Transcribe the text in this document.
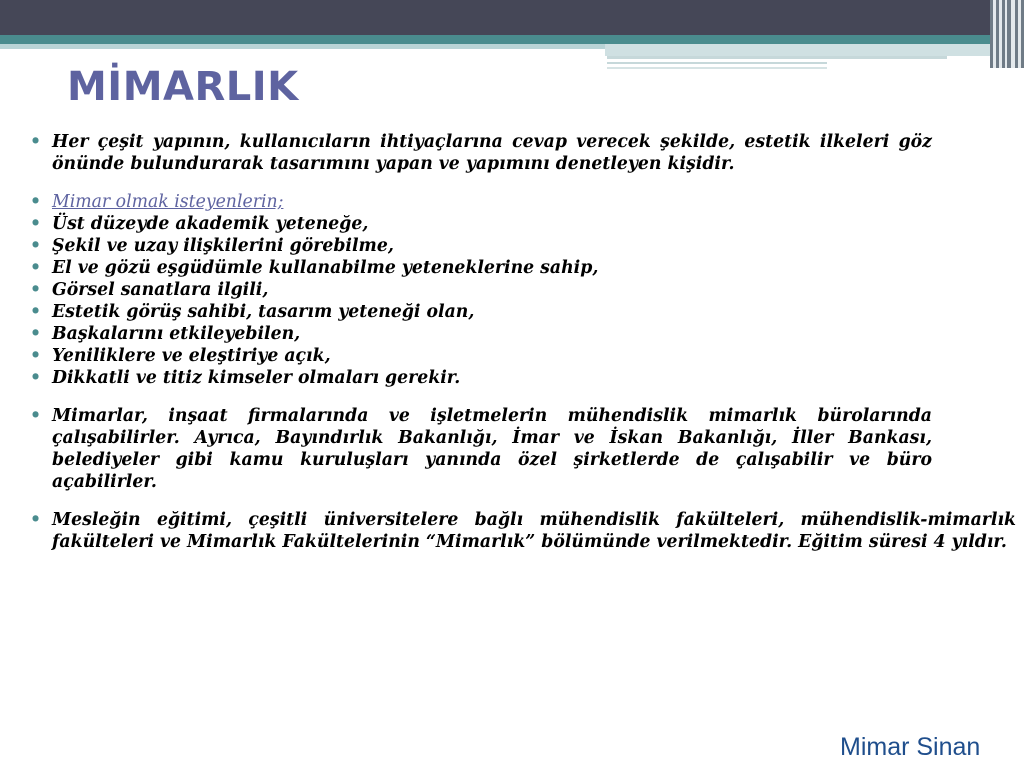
MİMARLIK
• Her çeşit yapının, kullanıcıların ihtiyaçlarına cevap verecek şekilde, estetik ilkeleri göz önünde bulundurarak tasarımını yapan ve yapımını denetleyen kişidir.
• Mimar olmak isteyenlerin;
• Üst düzeyde akademik yeteneğe,
• Şekil ve uzay ilişkilerini görebilme,
• El ve gözü eşgüdümle kullanabilme yeteneklerine sahip,
• Görsel sanatlara ilgili,
• Estetik görüş sahibi, tasarım yeteneği olan,
• Başkalarını etkileyebilen,
• Yeniliklere ve eleştiriye açık,
• Dikkatli ve titiz kimseler olmaları gerekir.
• Mimarlar, inşaat firmalarında ve işletmelerin mühendislik mimarlık bürolarında çalışabilirler. Ayrıca, Bayındırlık Bakanlığı, İmar ve İskan Bakanlığı, İller Bankası, belediyeler gibi kamu kuruluşları yanında özel şirketlerde de çalışabilir ve büro açabilirler.
• Mesleğin eğitimi, çeşitli üniversitelere bağlı mühendislik fakülteleri, mühendislik-mimarlık fakülteleri ve Mimarlık Fakültelerinin “Mimarlık” bölümünde verilmektedir. Eğitim süresi 4 yıldır.
Mimar Sinan
